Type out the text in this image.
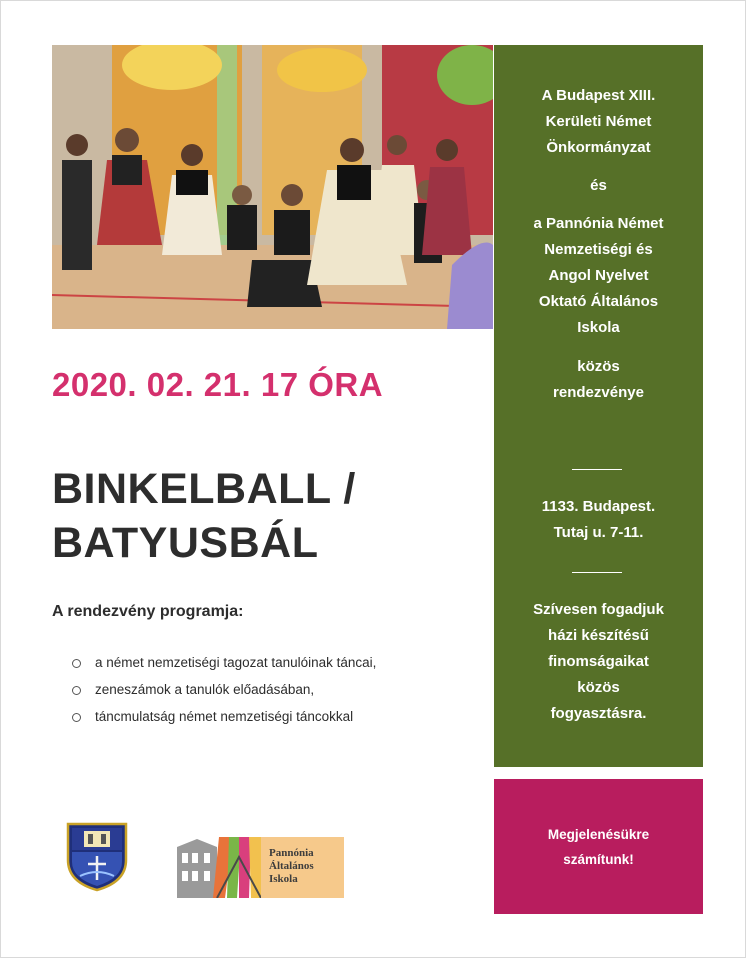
2020. 02. 21. 17 ÓRA
BINKELBALL /
BATYUSBÁL
A rendezvény programja:
a német nemzetiségi tagozat tanulóinak táncai,
zeneszámok a tanulók előadásában,
táncmulatság német nemzetiségi táncokkal
A Budapest XIII.
Kerületi Német
Önkormányzat
és
a Pannónia Német
Nemzetiségi és
Angol Nyelvet
Oktató Általános
Iskola
közös
rendezvénye
1133. Budapest.
Tutaj u. 7-11.
Szívesen fogadjuk
házi készítésű
finomságaikat
közös
fogyasztásra.
Megjelenésükre
számítunk!
Pannónia
Általános
Iskola
